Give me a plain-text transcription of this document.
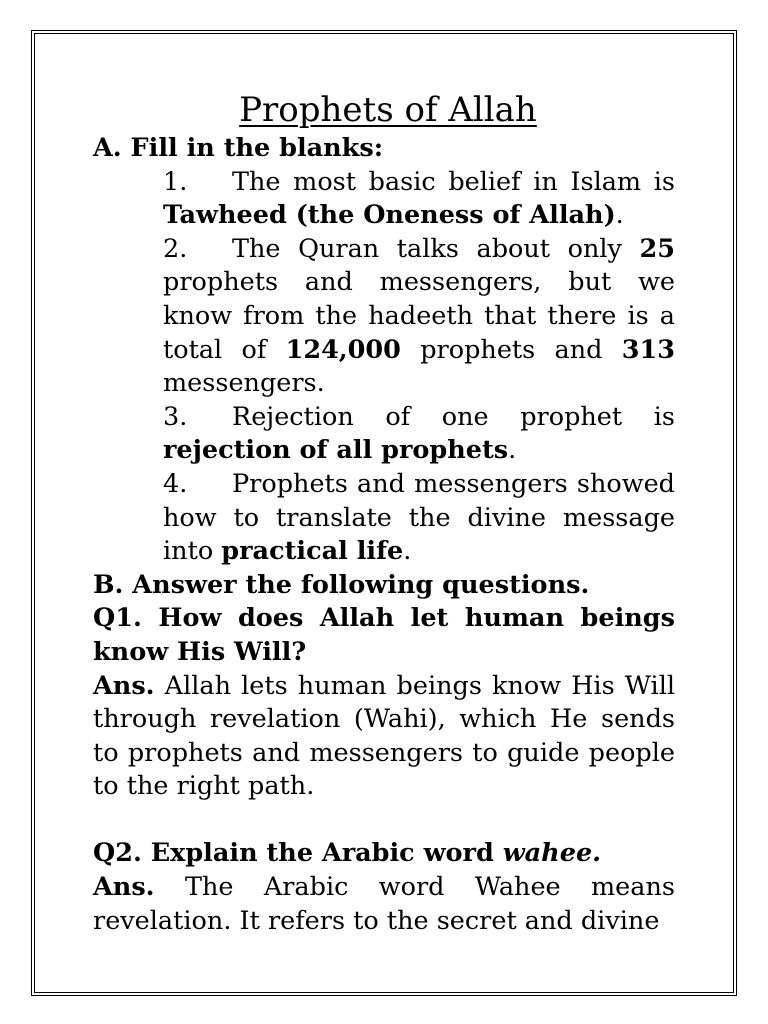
Prophets of Allah
A. Fill in the blanks:
1. The most basic belief in Islam is Tawheed (the Oneness of Allah).
2. The Quran talks about only 25 prophets and messengers, but we know from the hadeeth that there is a total of 124,000 prophets and 313 messengers.
3. Rejection of one prophet is rejection of all prophets.
4. Prophets and messengers showed how to translate the divine message into practical life.
B. Answer the following questions.
Q1. How does Allah let human beings know His Will?
Ans. Allah lets human beings know His Will through revelation (Wahi), which He sends to prophets and messengers to guide people to the right path.
Q2. Explain the Arabic word wahee.
Ans. The Arabic word Wahee means revelation. It refers to the secret and divine
